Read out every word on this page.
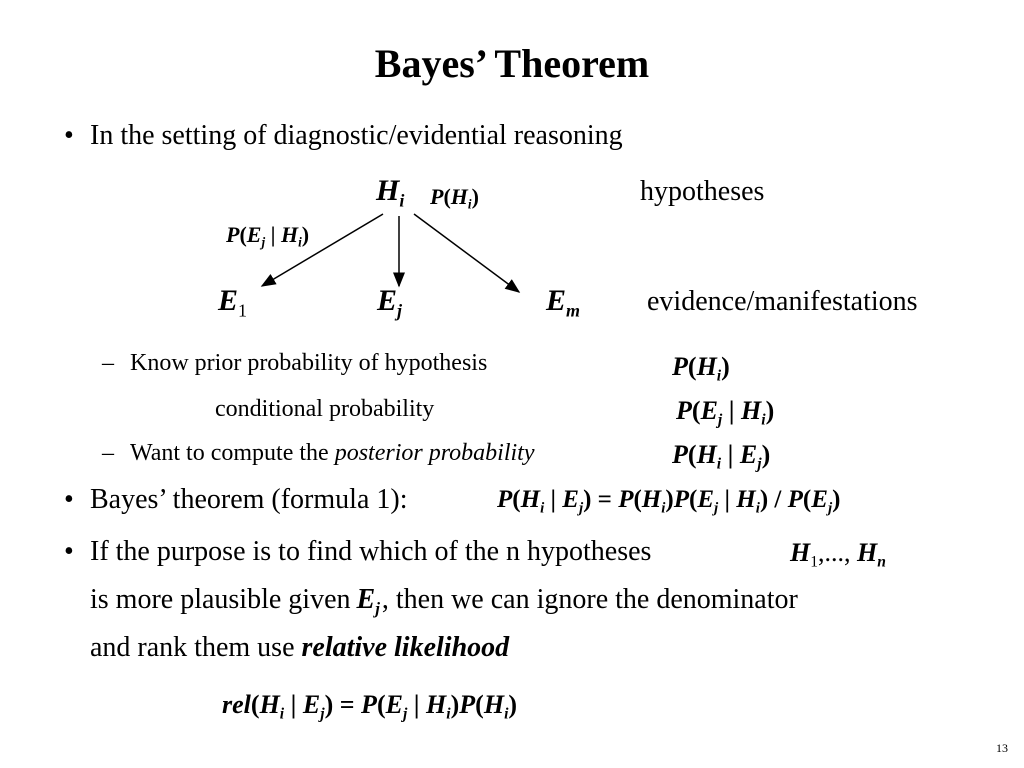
Bayes’ Theorem
• In the setting of diagnostic/evidential reasoning
$H_i$ $P(H_i)$
$P(E_j$ | $H_i$)
hypotheses
$E_1$	$E_j$	$E_m$ evidence/manifestations
– Know prior probability of hypothesis	$P(H_i)$
conditional probability	$P(E_j$ | $H_i$)
– Want to compute the posterior probability	$P(H_i$ | $E_j$)
• Bayes’ theorem (formula 1):	$P(H_i$ | $E_j) = P(H_i)P(E_j$ | $H_i) / P(E_j)$
• If the purpose is to find which of the n hypotheses	$H_1$,..., $H_n$
is more plausible given $E_j$, then we can ignore the denominator
and rank them use relative likelihood
$rel(H_i$ | $E_j) = P(E_j$ | $H_i)P(H_i)$
13
